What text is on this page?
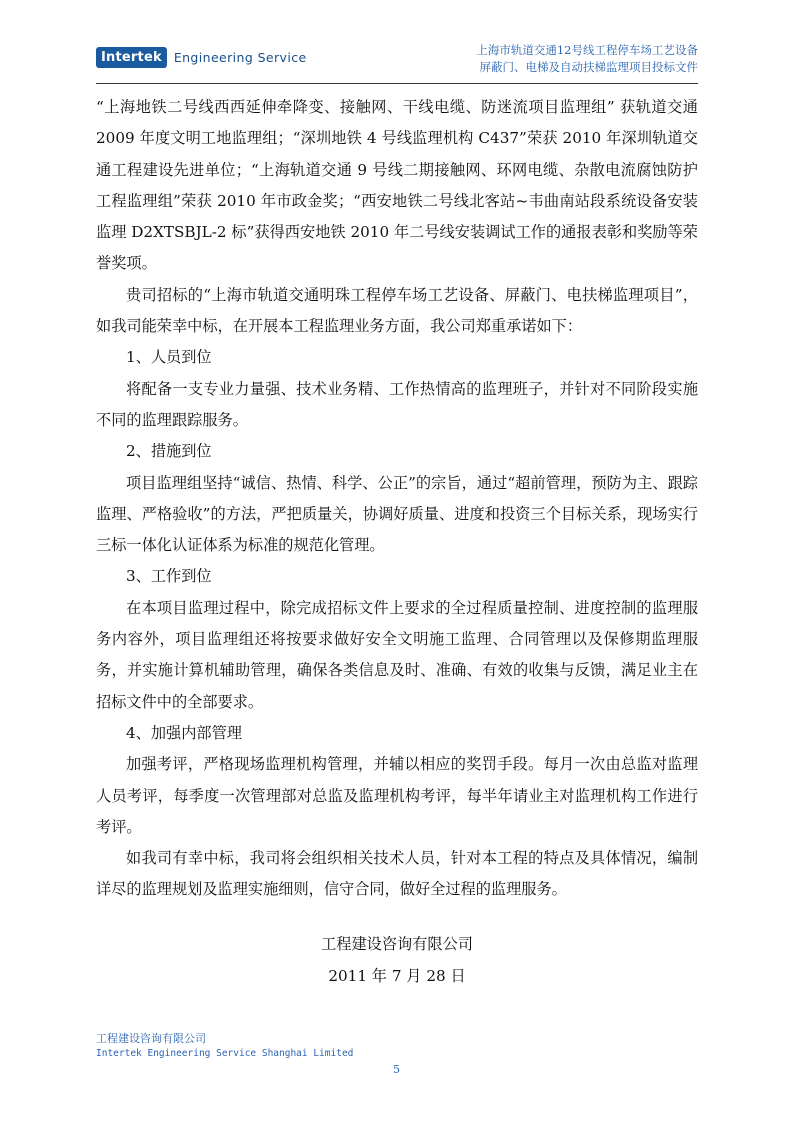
Intertek Engineering Service	上海市轨道交通12号线工程停车场工艺设备
屏蔽门、电梯及自动扶梯监理项目投标文件

“上海地铁二号线西西延伸牵降变、接触网、干线电缆、防迷流项目监理组” 获轨道交通 2009 年度文明工地监理组；“深圳地铁 4 号线监理机构 C437”荣获 2010 年深圳轨道交通工程建设先进单位；“上海轨道交通 9 号线二期接触网、环网电缆、杂散电流腐蚀防护工程监理组”荣获 2010 年市政金奖；“西安地铁二号线北客站~韦曲南站段系统设备安装监理 D2XTSBJL-2 标”获得西安地铁 2010 年二号线安装调试工作的通报表彰和奖励等荣誉奖项。

贵司招标的“上海市轨道交通明珠工程停车场工艺设备、屏蔽门、电扶梯监理项目”，如我司能荣幸中标，在开展本工程监理业务方面，我公司郑重承诺如下：

1、人员到位

将配备一支专业力量强、技术业务精、工作热情高的监理班子，并针对不同阶段实施不同的监理跟踪服务。

2、措施到位

项目监理组坚持“诚信、热情、科学、公正”的宗旨，通过“超前管理，预防为主、跟踪监理、严格验收”的方法，严把质量关，协调好质量、进度和投资三个目标关系，现场实行三标一体化认证体系为标准的规范化管理。

3、工作到位

在本项目监理过程中，除完成招标文件上要求的全过程质量控制、进度控制的监理服务内容外，项目监理组还将按要求做好安全文明施工监理、合同管理以及保修期监理服务，并实施计算机辅助管理，确保各类信息及时、准确、有效的收集与反馈，满足业主在招标文件中的全部要求。

4、加强内部管理

加强考评，严格现场监理机构管理，并辅以相应的奖罚手段。每月一次由总监对监理人员考评，每季度一次管理部对总监及监理机构考评，每半年请业主对监理机构工作进行考评。

如我司有幸中标，我司将会组织相关技术人员，针对本工程的特点及具体情况，编制详尽的监理规划及监理实施细则，信守合同，做好全过程的监理服务。

工程建设咨询有限公司
2011 年 7 月 28 日
工程建设咨询有限公司
Intertek Engineering Service Shanghai Limited
5
